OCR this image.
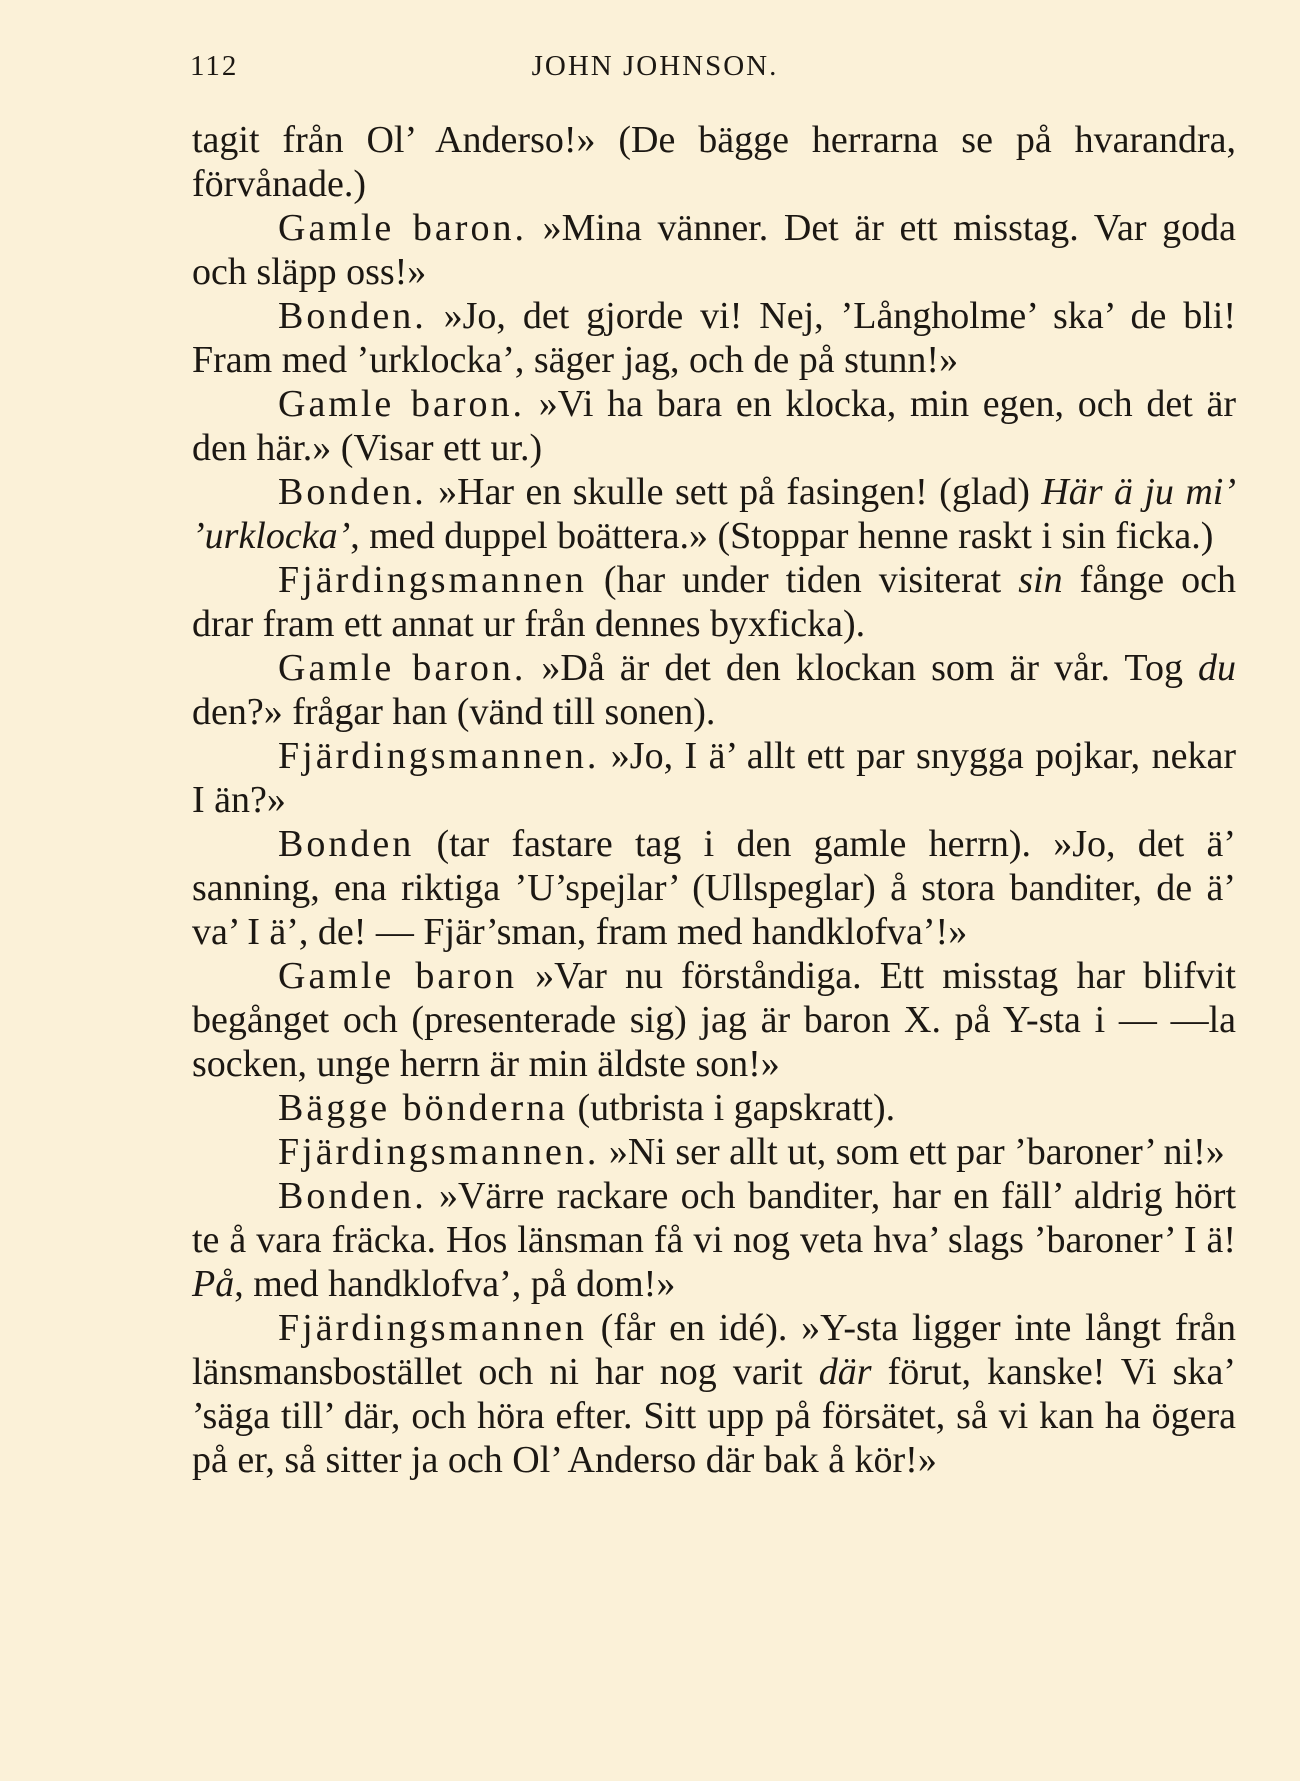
112	JOHN JOHNSON.

tagit från Ol’ Anderso!» (De bägge herrarna se på hvarandra, förvånade.)

Gamle baron. »Mina vänner. Det är ett misstag. Var goda och släpp oss!»

Bonden. »Jo, det gjorde vi! Nej, ’Långholme’ ska’ de bli! Fram med ’urklocka’, säger jag, och de på stunn!»

Gamle baron. »Vi ha bara en klocka, min egen, och det är den här.» (Visar ett ur.)

Bonden. »Har en skulle sett på fasingen! (glad) Här ä ju mi’ ’urklocka’, med duppel boättera.» (Stoppar henne raskt i sin ficka.)

Fjärdingsmannen (har under tiden visiterat sin fånge och drar fram ett annat ur från dennes byxficka).

Gamle baron. »Då är det den klockan som är vår. Tog du den?» frågar han (vänd till sonen).

Fjärdingsmannen. »Jo, I ä’ allt ett par snygga pojkar, nekar I än?»

Bonden (tar fastare tag i den gamle herrn). »Jo, det ä’ sanning, ena riktiga ’U’spejlar’ (Ullspeglar) å stora banditer, de ä’ va’ I ä’, de! — Fjär’sman, fram med handklofva’!»

Gamle baron »Var nu förståndiga. Ett misstag har blifvit begånget och (presenterade sig) jag är baron X. på Y-sta i — —la socken, unge herrn är min äldste son!»

Bägge bönderna (utbrista i gapskratt).

Fjärdingsmannen. »Ni ser allt ut, som ett par ’baroner’ ni!»

Bonden. »Värre rackare och banditer, har en fäll’ aldrig hört te å vara fräcka. Hos länsman få vi nog veta hva’ slags ’baroner’ I ä! På, med handklofva’, på dom!»

Fjärdingsmannen (får en idé). »Y-sta ligger inte långt från länsmansbostället och ni har nog varit där förut, kanske! Vi ska’ ’säga till’ där, och höra efter. Sitt upp på försätet, så vi kan ha ögera på er, så sitter ja och Ol’ Anderso där bak å kör!»
